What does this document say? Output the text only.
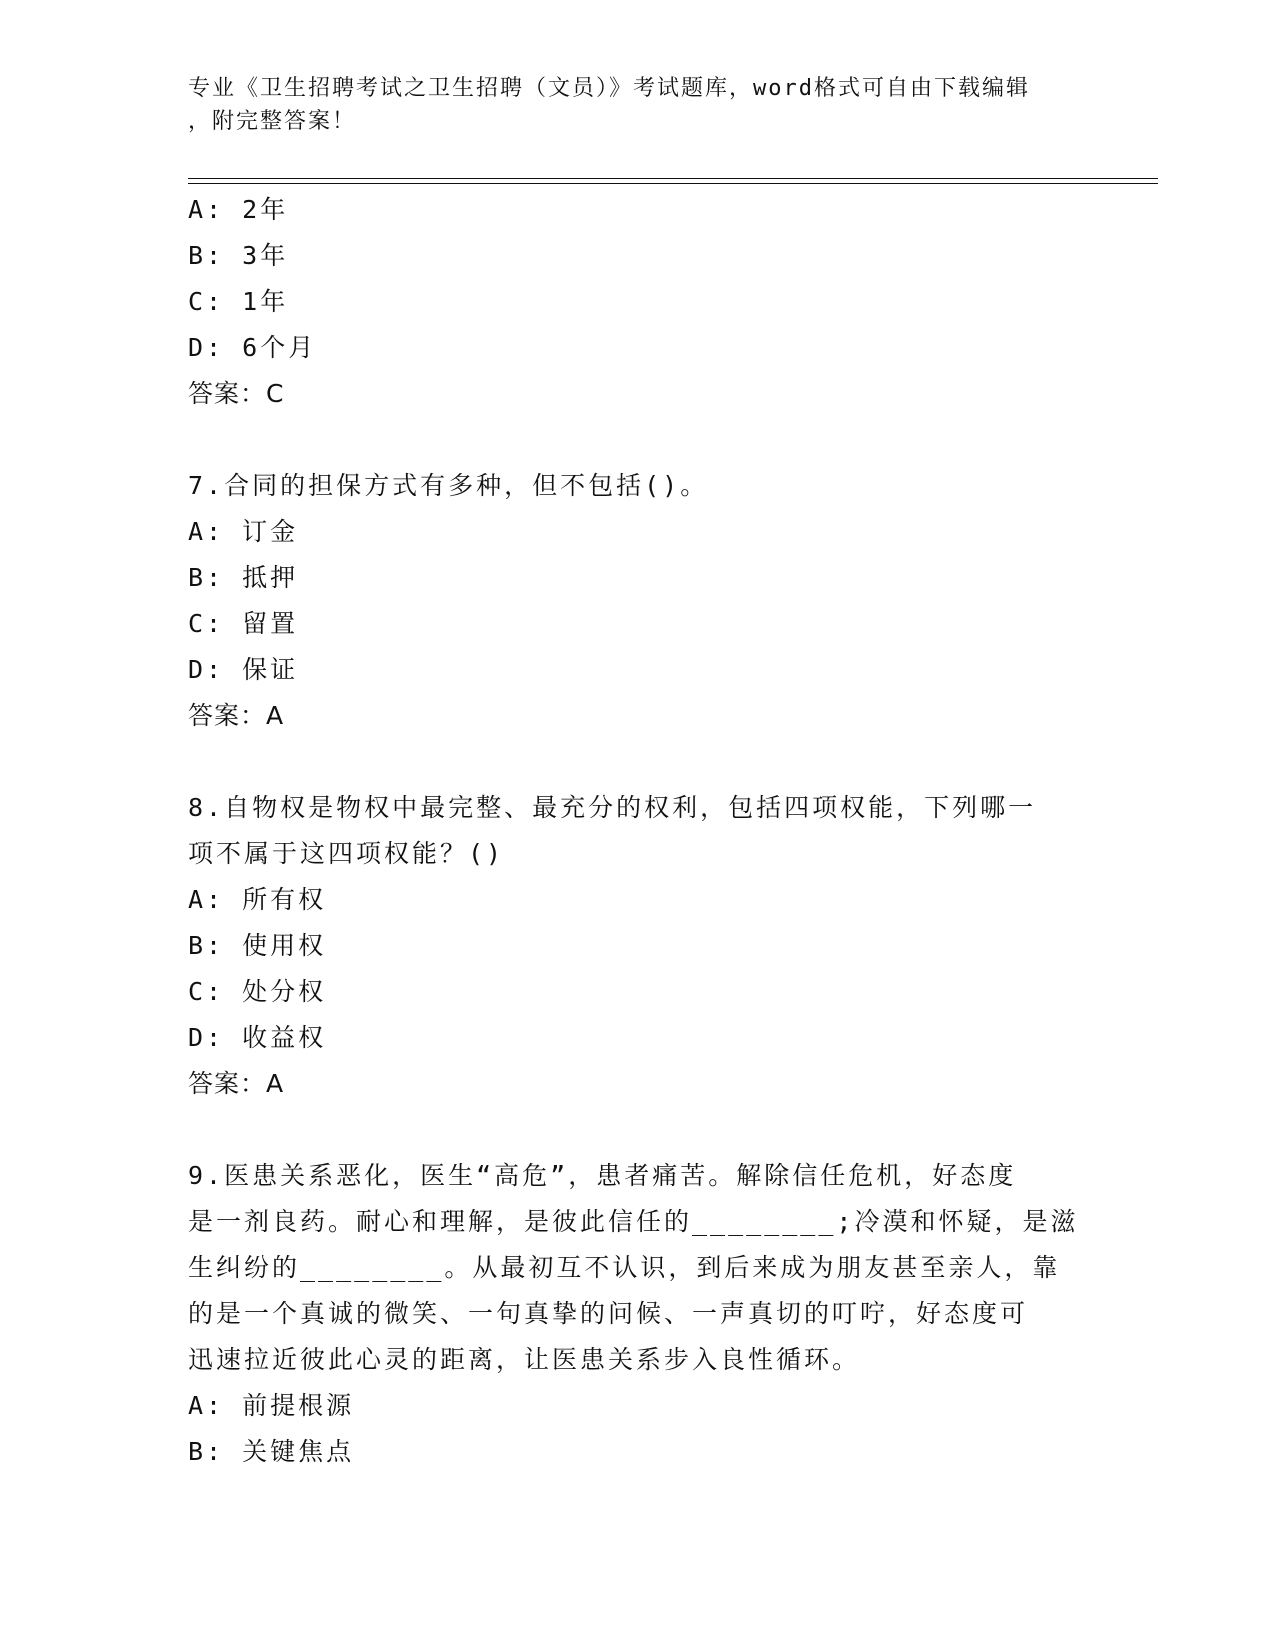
专业《卫生招聘考试之卫生招聘（文员）》考试题库，word格式可自由下载编辑
，附完整答案！
A: 2年
B: 3年
C: 1年
D: 6个月
答案：C
7.合同的担保方式有多种，但不包括()。
A: 订金
B: 抵押
C: 留置
D: 保证
答案：A
8.自物权是物权中最完整、最充分的权利，包括四项权能，下列哪一
项不属于这四项权能？()
A: 所有权
B: 使用权
C: 处分权
D: 收益权
答案：A
9.医患关系恶化，医生“高危”，患者痛苦。解除信任危机，好态度
是一剂良药。耐心和理解，是彼此信任的________;冷漠和怀疑，是滋
生纠纷的________。从最初互不认识，到后来成为朋友甚至亲人，靠
的是一个真诚的微笑、一句真挚的问候、一声真切的叮咛，好态度可
迅速拉近彼此心灵的距离，让医患关系步入良性循环。
A: 前提根源
B: 关键焦点
